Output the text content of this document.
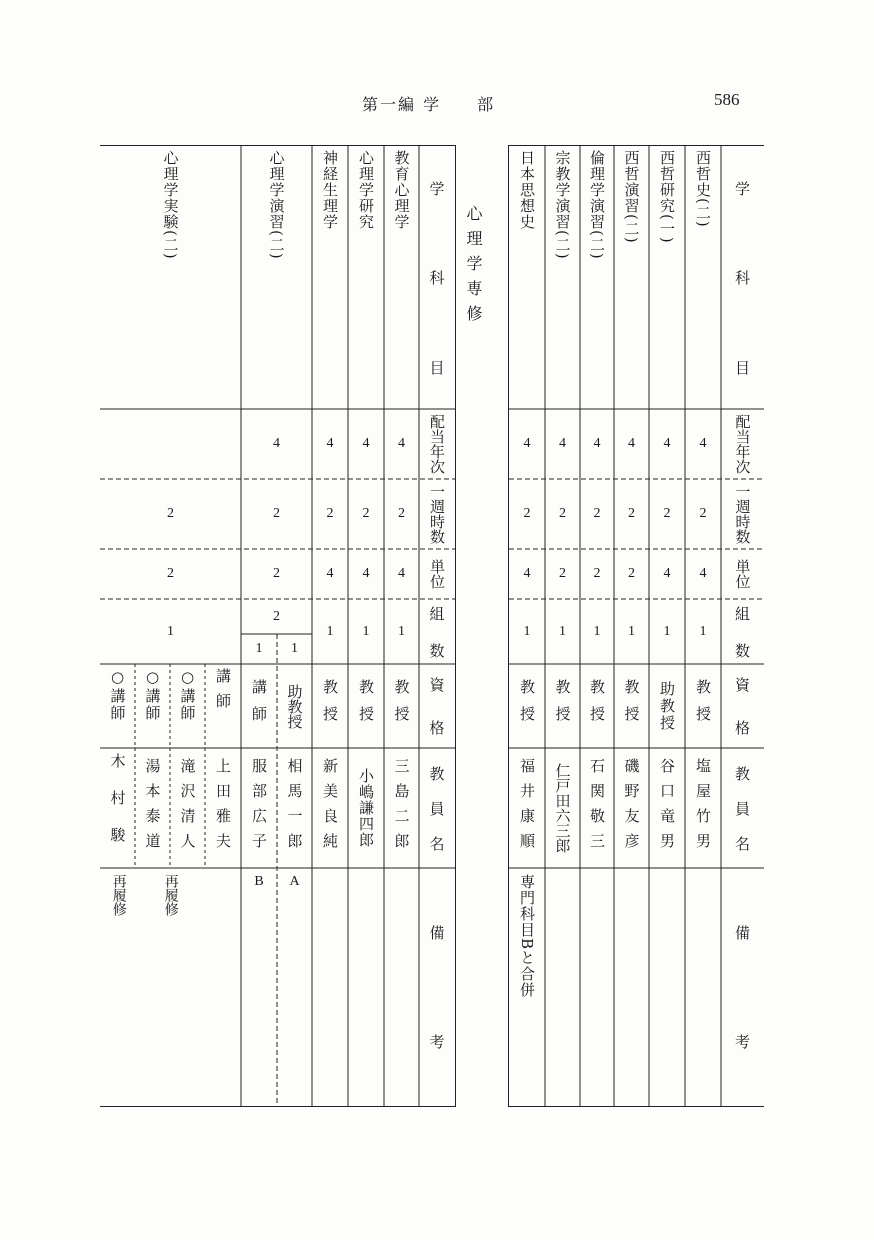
第一編 学　　部	586
学
科
目
配当年次
一週時数
単位
組
数
資
格
教
員
名
備
考
西哲史(二)
4
2
4
1
教授
塩屋竹男
西哲研究(一)
4
2
4
1
助教授
谷口竜男
西哲演習(二)
4
2
2
1
教授
磯野友彦
倫理学演習(二)
4
2
2
1
教授
石関敬三
宗教学演習(二)
4
2
2
1
教授
仁戸田六三郎
日本思想史
4
2
4
1
教授
福井康順
専門科目Bと合併
心理学専修
学
科
目
配当年次
一週時数
単位
組
数
資
格
教
員
名
備
考
教育心理学
4
2
4
1
教授
三島二郎
心理学研究
4
2
4
1
教授
小嶋謙四郎
神経生理学
4
2
4
1
教授
新美良純
心理学演習(二)
4
2
2
2
1
助教授
相馬一郎
A
1
講師
服部広子
B
心理学実験(二)
2
2
1
講師
○講師
○講師
○講師
上田雅夫
滝沢清人
湯本泰道
木村駿
再履修
再履修
